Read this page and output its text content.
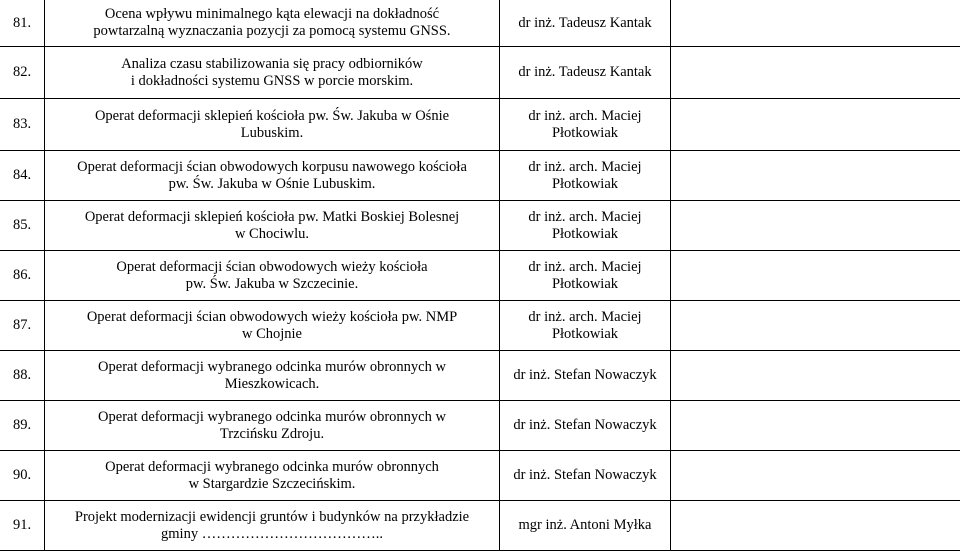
81.	Ocena wpływu minimalnego kąta elewacji na dokładność
powtarzalną wyznaczania pozycji za pomocą systemu GNSS.	dr inż. Tadeusz Kantak	
82.	Analiza czasu stabilizowania się pracy odbiorników
i dokładności systemu GNSS w porcie morskim.	dr inż. Tadeusz Kantak	
83.	Operat deformacji sklepień kościoła pw. Św. Jakuba w Ośnie
Lubuskim.	dr inż. arch. Maciej
Płotkowiak	
84.	Operat deformacji ścian obwodowych korpusu nawowego kościoła
pw. Św. Jakuba w Ośnie Lubuskim.	dr inż. arch. Maciej
Płotkowiak	
85.	Operat deformacji sklepień kościoła pw. Matki Boskiej Bolesnej
w Chociwlu.	dr inż. arch. Maciej
Płotkowiak	
86.	Operat deformacji ścian obwodowych wieży kościoła
pw. Św. Jakuba w Szczecinie.	dr inż. arch. Maciej
Płotkowiak	
87.	Operat deformacji ścian obwodowych wieży kościoła pw. NMP
w Chojnie	dr inż. arch. Maciej
Płotkowiak	
88.	Operat deformacji wybranego odcinka murów obronnych w
Mieszkowicach.	dr inż. Stefan Nowaczyk	
89.	Operat deformacji wybranego odcinka murów obronnych w
Trzcińsku Zdroju.	dr inż. Stefan Nowaczyk	
90.	Operat deformacji wybranego odcinka murów obronnych
w Stargardzie Szczecińskim.	dr inż. Stefan Nowaczyk	
91.	Projekt modernizacji ewidencji gruntów i budynków na przykładzie
gminy ………………………………..	mgr inż. Antoni Myłka	
